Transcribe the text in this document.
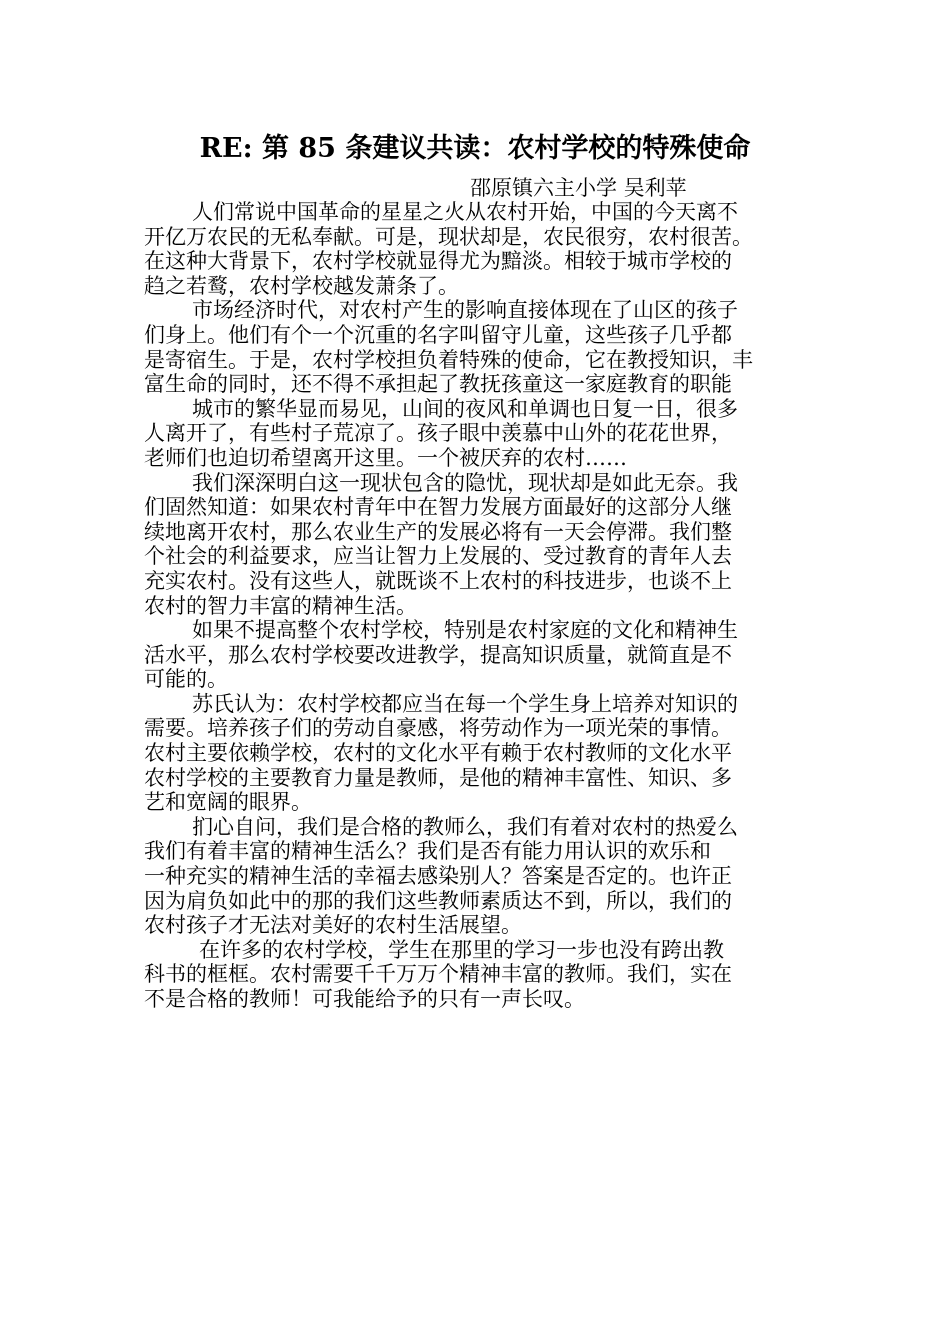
RE: 第 85 条建议共读：农村学校的特殊使命
邵原镇六主小学 吴利苹
人们常说中国革命的星星之火从农村开始，中国的今天离不
开亿万农民的无私奉献。可是，现状却是，农民很穷，农村很苦。
在这种大背景下，农村学校就显得尤为黯淡。相较于城市学校的
趋之若鹜，农村学校越发萧条了。
市场经济时代，对农村产生的影响直接体现在了山区的孩子
们身上。他们有个一个沉重的名字叫留守儿童，这些孩子几乎都
是寄宿生。于是，农村学校担负着特殊的使命，它在教授知识，丰
富生命的同时，还不得不承担起了教抚孩童这一家庭教育的职能
城市的繁华显而易见，山间的夜风和单调也日复一日，很多
人离开了，有些村子荒凉了。孩子眼中羡慕中山外的花花世界，
老师们也迫切希望离开这里。一个被厌弃的农村……
我们深深明白这一现状包含的隐忧，现状却是如此无奈。我
们固然知道：如果农村青年中在智力发展方面最好的这部分人继
续地离开农村，那么农业生产的发展必将有一天会停滞。我们整
个社会的利益要求，应当让智力上发展的、受过教育的青年人去
充实农村。没有这些人，就既谈不上农村的科技进步，也谈不上
农村的智力丰富的精神生活。
如果不提高整个农村学校，特别是农村家庭的文化和精神生
活水平，那么农村学校要改进教学，提高知识质量，就简直是不
可能的。
苏氏认为：农村学校都应当在每一个学生身上培养对知识的
需要。培养孩子们的劳动自豪感，将劳动作为一项光荣的事情。
农村主要依赖学校，农村的文化水平有赖于农村教师的文化水平
农村学校的主要教育力量是教师，是他的精神丰富性、知识、多
艺和宽阔的眼界。
扪心自问，我们是合格的教师么，我们有着对农村的热爱么
我们有着丰富的精神生活么？我们是否有能力用认识的欢乐和
一种充实的精神生活的幸福去感染别人？答案是否定的。也许正
因为肩负如此中的那的我们这些教师素质达不到，所以，我们的
农村孩子才无法对美好的农村生活展望。
在许多的农村学校，学生在那里的学习一步也没有跨出教
科书的框框。农村需要千千万万个精神丰富的教师。我们，实在
不是合格的教师！可我能给予的只有一声长叹。
